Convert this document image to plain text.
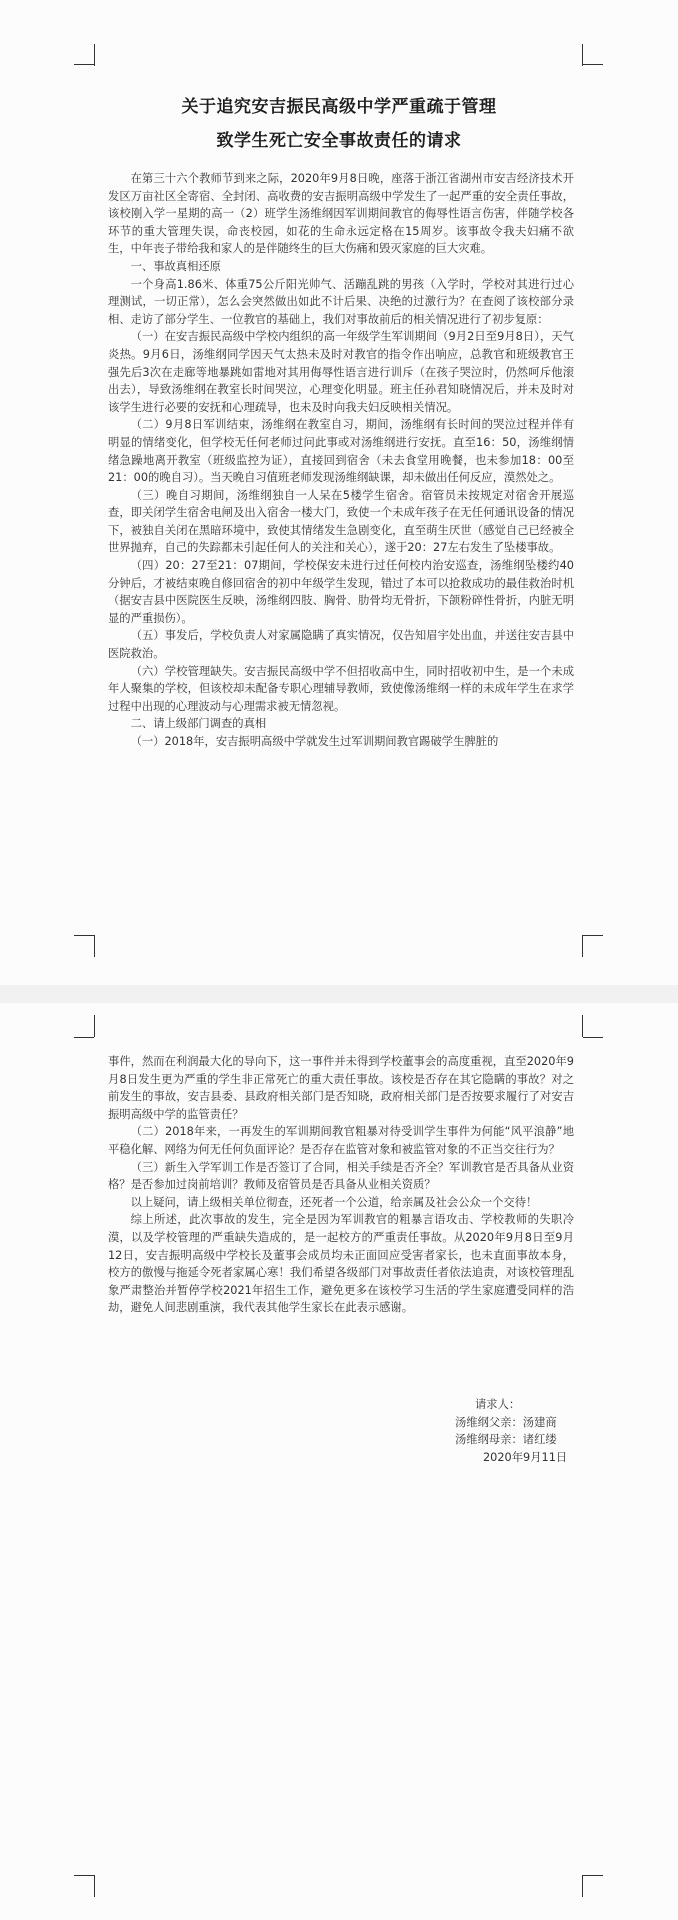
关于追究安吉振民高级中学严重疏于管理
致学生死亡安全事故责任的请求

在第三十六个教师节到来之际，2020年9月8日晚，座落于浙江省湖州市安吉经济技术开发区万亩社区全寄宿、全封闭、高收费的安吉振明高级中学发生了一起严重的安全责任事故，该校刚入学一星期的高一（2）班学生汤维纲因军训期间教官的侮辱性语言伤害，伴随学校各环节的重大管理失误，命丧校园，如花的生命永远定格在15周岁。该事故令我夫妇痛不欲生，中年丧子带给我和家人的是伴随终生的巨大伤痛和毁灭家庭的巨大灾难。

一、事故真相还原

一个身高1.86米、体重75公斤阳光帅气、活蹦乱跳的男孩（入学时，学校对其进行过心理测试，一切正常），怎么会突然做出如此不计后果、决绝的过激行为？在查阅了该校部分录相、走访了部分学生、一位教官的基础上，我们对事故前后的相关情况进行了初步复原：

（一）在安吉振民高级中学校内组织的高一年级学生军训期间（9月2日至9月8日），天气炎热。9月6日，汤维纲同学因天气太热未及时对教官的指令作出响应，总教官和班级教官王强先后3次在走廊等地暴跳如雷地对其用侮辱性语言进行训斥（在孩子哭泣时，仍然呵斥他滚出去），导致汤维纲在教室长时间哭泣，心理变化明显。班主任孙君知晓情况后，并未及时对该学生进行必要的安抚和心理疏导，也未及时向我夫妇反映相关情况。

（二）9月8日军训结束，汤维纲在教室自习，期间，汤维纲有长时间的哭泣过程并伴有明显的情绪变化，但学校无任何老师过问此事或对汤维纲进行安抚。直至16：50，汤维纲情绪急躁地离开教室（班级监控为证），直接回到宿舍（未去食堂用晚餐，也未参加18：00至21：00的晚自习）。当天晚自习值班老师发现汤维纲缺课，却未做出任何反应，漠然处之。

（三）晚自习期间，汤维纲独自一人呆在5楼学生宿舍。宿管员未按规定对宿舍开展巡查，即关闭学生宿舍电闸及出入宿舍一楼大门，致使一个未成年孩子在无任何通讯设备的情况下，被独自关闭在黑暗环境中，致使其情绪发生急剧变化，直至萌生厌世（感觉自己已经被全世界抛弃，自己的失踪都未引起任何人的关注和关心），遂于20：27左右发生了坠楼事故。

（四）20：27至21：07期间，学校保安未进行过任何校内治安巡查，汤维纲坠楼约40分钟后，才被结束晚自修回宿舍的初中年级学生发现，错过了本可以抢救成功的最佳救治时机（据安吉县中医院医生反映，汤维纲四肢、胸骨、肋骨均无骨折，下颌粉碎性骨折，内脏无明显的严重损伤）。

（五）事发后，学校负责人对家属隐瞒了真实情况，仅告知眉宇处出血，并送往安吉县中医院救治。

（六）学校管理缺失。安吉振民高级中学不但招收高中生，同时招收初中生，是一个未成年人聚集的学校，但该校却未配备专职心理辅导教师，致使像汤维纲一样的未成年学生在求学过程中出现的心理波动与心理需求被无情忽视。

二、请上级部门调查的真相

（一）2018年，安吉振明高级中学就发生过军训期间教官踢破学生脾脏的

事件，然而在利润最大化的导向下，这一事件并未得到学校董事会的高度重视，直至2020年9月8日发生更为严重的学生非正常死亡的重大责任事故。该校是否存在其它隐瞒的事故？对之前发生的事故，安吉县委、县政府相关部门是否知晓，政府相关部门是否按要求履行了对安吉振明高级中学的监管责任？

（二）2018年来，一再发生的军训期间教官粗暴对待受训学生事件为何能“风平浪静”地平稳化解、网络为何无任何负面评论？是否存在监管对象和被监管对象的不正当交往行为？

（三）新生入学军训工作是否签订了合同，相关手续是否齐全？军训教官是否具备从业资格？是否参加过岗前培训？教师及宿管员是否具备从业相关资质？

以上疑问，请上级相关单位彻查，还死者一个公道，给亲属及社会公众一个交待！

综上所述，此次事故的发生，完全是因为军训教官的粗暴言语攻击、学校教师的失职冷漠，以及学校管理的严重缺失造成的，是一起校方的严重责任事故。从2020年9月8日至9月12日，安吉振明高级中学校长及董事会成员均未正面回应受害者家长，也未直面事故本身，校方的傲慢与拖延令死者家属心寒！我们希望各级部门对事故责任者依法追责，对该校管理乱象严肃整治并暂停学校2021年招生工作，避免更多在该校学习生活的学生家庭遭受同样的浩劫，避免人间悲剧重演，我代表其他学生家长在此表示感谢。

请求人：
汤维纲父亲：汤建商
汤维纲母亲：诸红缕
2020年9月11日
